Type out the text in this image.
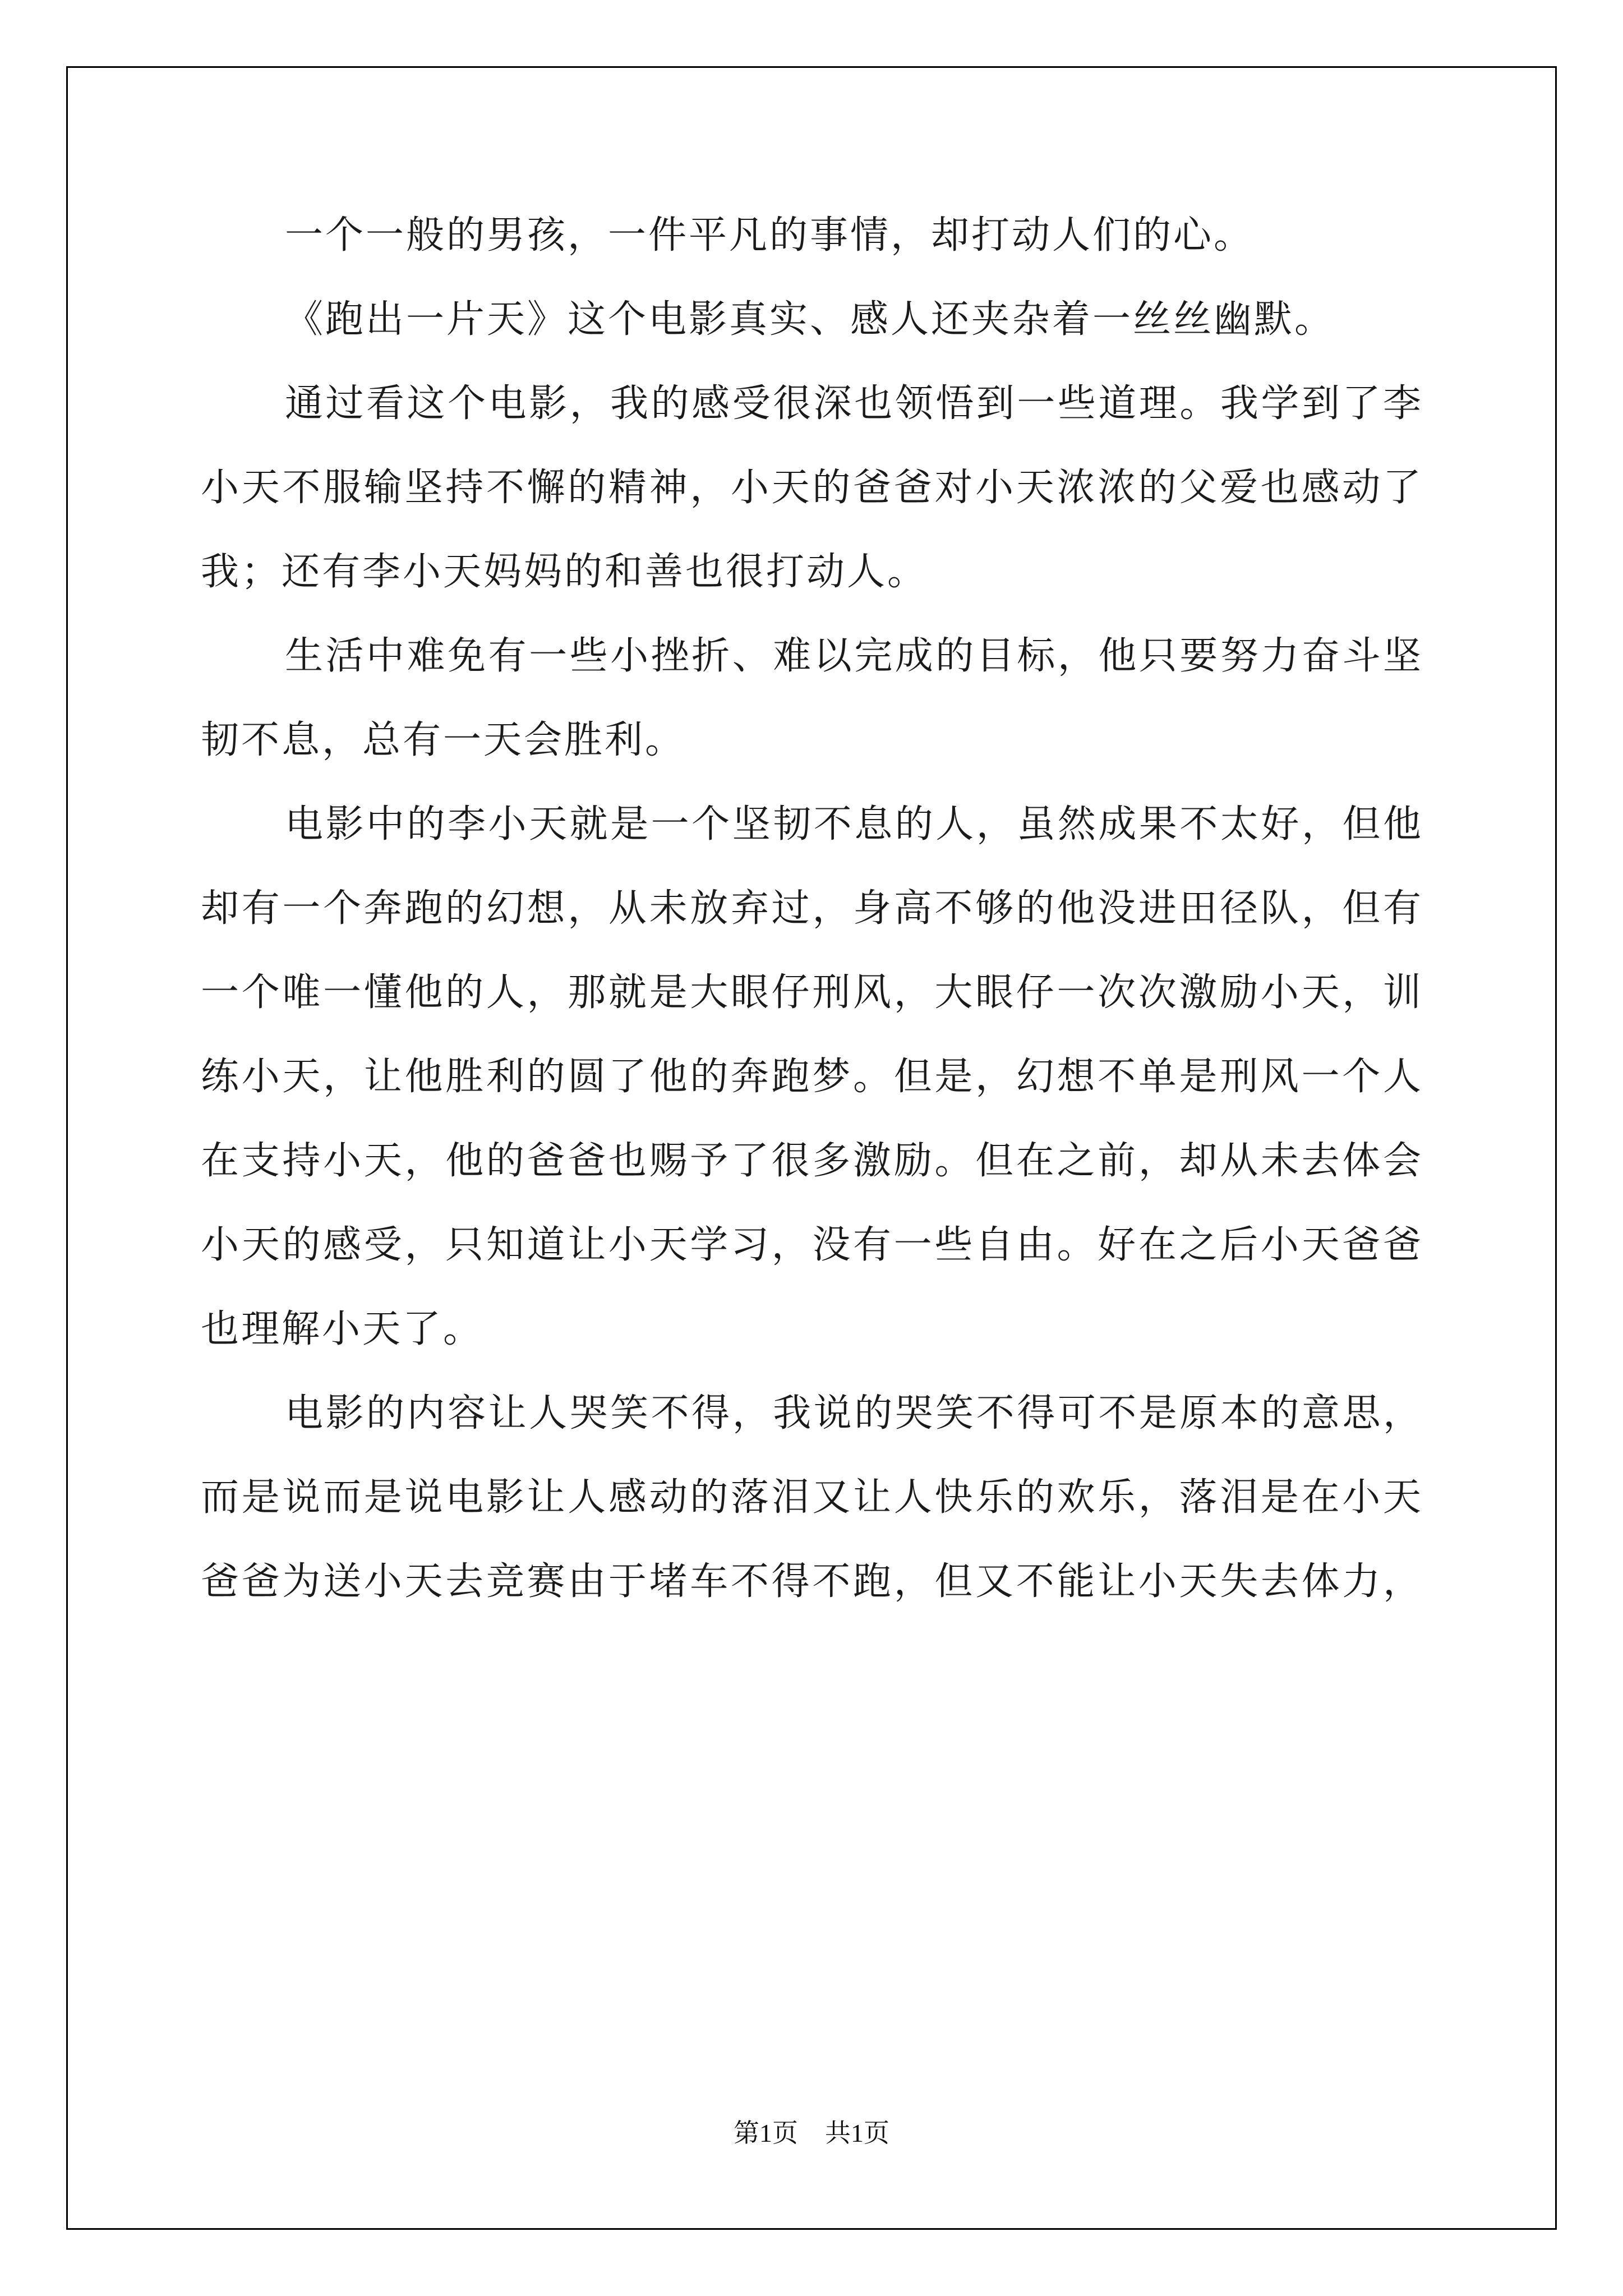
一个一般的男孩，一件平凡的事情，却打动人们的心。
《跑出一片天》这个电影真实、感人还夹杂着一丝丝幽默。
通过看这个电影，我的感受很深也领悟到一些道理。我学到了李
小天不服输坚持不懈的精神，小天的爸爸对小天浓浓的父爱也感动了
我；还有李小天妈妈的和善也很打动人。
生活中难免有一些小挫折、难以完成的目标，他只要努力奋斗坚
韧不息，总有一天会胜利。
电影中的李小天就是一个坚韧不息的人，虽然成果不太好，但他
却有一个奔跑的幻想，从未放弃过，身高不够的他没进田径队，但有
一个唯一懂他的人，那就是大眼仔刑风，大眼仔一次次激励小天，训
练小天，让他胜利的圆了他的奔跑梦。但是，幻想不单是刑风一个人
在支持小天，他的爸爸也赐予了很多激励。但在之前，却从未去体会
小天的感受，只知道让小天学习，没有一些自由。好在之后小天爸爸
也理解小天了。
电影的内容让人哭笑不得，我说的哭笑不得可不是原本的意思，
而是说而是说电影让人感动的落泪又让人快乐的欢乐，落泪是在小天
爸爸为送小天去竞赛由于堵车不得不跑，但又不能让小天失去体力，
第1页 共1页
